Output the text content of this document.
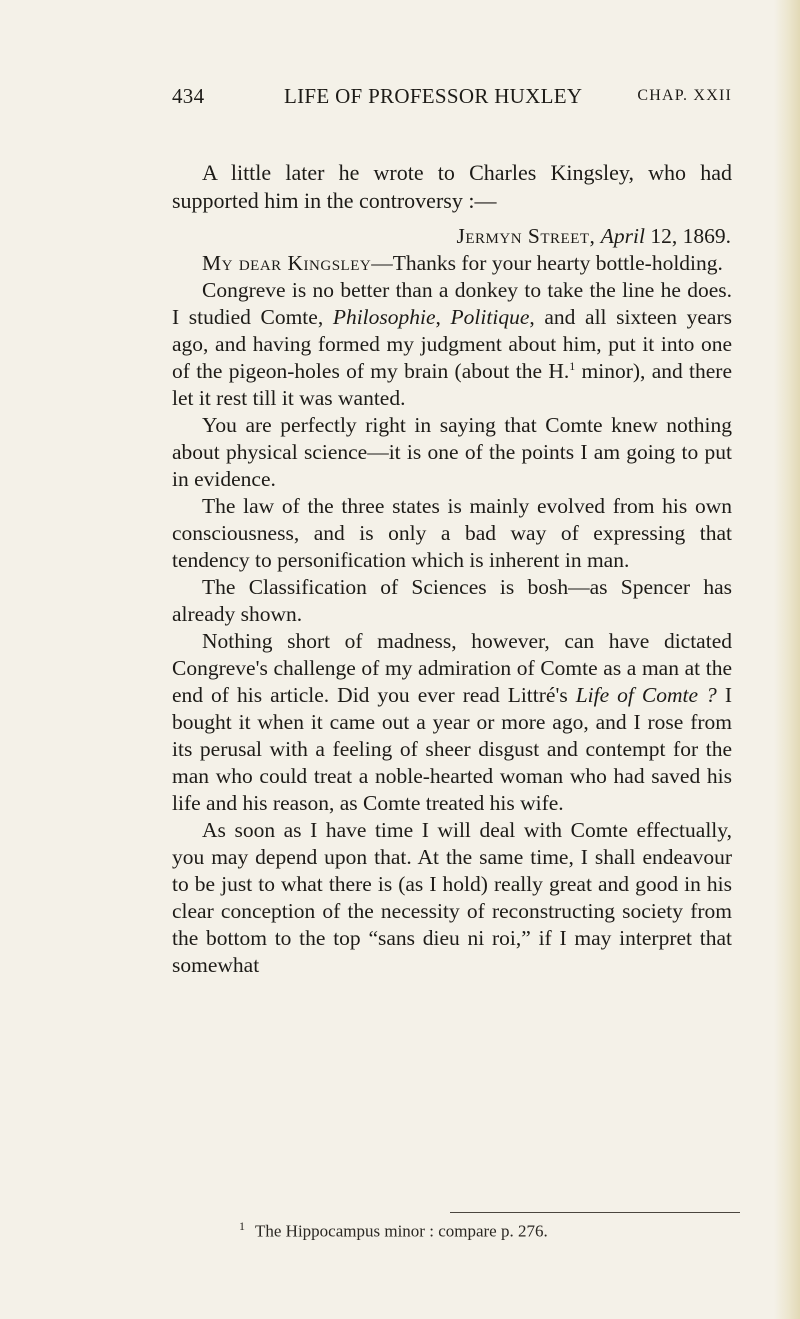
434	LIFE OF PROFESSOR HUXLEY	CHAP. XXII

A little later he wrote to Charles Kingsley, who had supported him in the controversy :—

Jermyn Street, April 12, 1869.

My dear Kingsley—Thanks for your hearty bottle-holding.

Congreve is no better than a donkey to take the line he does. I studied Comte, Philosophie, Politique, and all sixteen years ago, and having formed my judgment about him, put it into one of the pigeon-holes of my brain (about the H.$^1$ minor), and there let it rest till it was wanted.

You are perfectly right in saying that Comte knew nothing about physical science—it is one of the points I am going to put in evidence.

The law of the three states is mainly evolved from his own consciousness, and is only a bad way of expressing that tendency to personification which is inherent in man.

The Classification of Sciences is bosh—as Spencer has already shown.

Nothing short of madness, however, can have dictated Congreve's challenge of my admiration of Comte as a man at the end of his article. Did you ever read Littré's Life of Comte ? I bought it when it came out a year or more ago, and I rose from its perusal with a feeling of sheer disgust and contempt for the man who could treat a noble-hearted woman who had saved his life and his reason, as Comte treated his wife.

As soon as I have time I will deal with Comte effectually, you may depend upon that. At the same time, I shall endeavour to be just to what there is (as I hold) really great and good in his clear conception of the necessity of reconstructing society from the bottom to the top “sans dieu ni roi,” if I may interpret that somewhat

$^1$ The Hippocampus minor : compare p. 276.
